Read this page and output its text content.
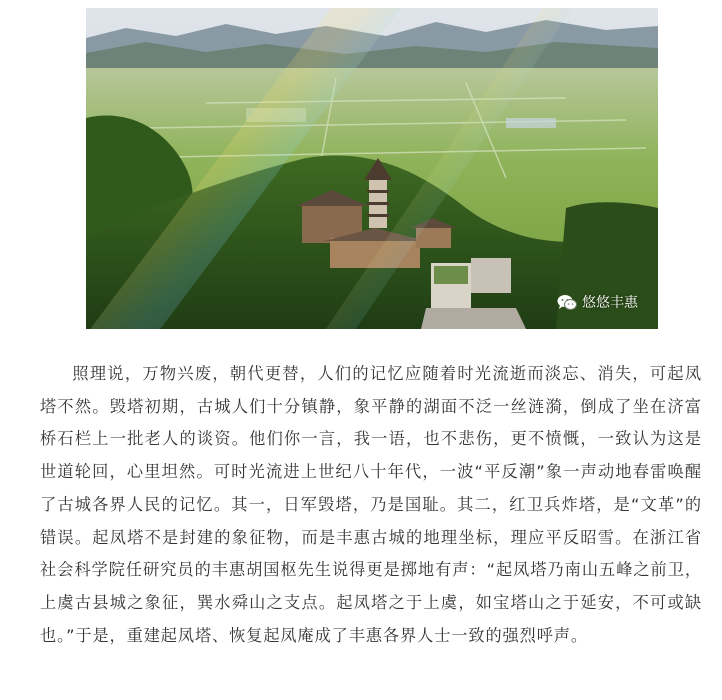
悠悠丰惠

照理说，万物兴废，朝代更替，人们的记忆应随着时光流逝而淡忘、消失，可起凤塔不然。毁塔初期，古城人们十分镇静，象平静的湖面不泛一丝涟漪，倒成了坐在济富桥石栏上一批老人的谈资。他们你一言，我一语，也不悲伤，更不愤慨，一致认为这是世道轮回，心里坦然。可时光流进上世纪八十年代，一波“平反潮”象一声动地春雷唤醒了古城各界人民的记忆。其一，日军毁塔，乃是国耻。其二，红卫兵炸塔，是“文革”的错误。起凤塔不是封建的象征物，而是丰惠古城的地理坐标，理应平反昭雪。在浙江省社会科学院任研究员的丰惠胡国枢先生说得更是掷地有声：“起凤塔乃南山五峰之前卫，上虞古县城之象征，巽水舜山之支点。起凤塔之于上虞，如宝塔山之于延安，不可或缺也。”于是，重建起凤塔、恢复起凤庵成了丰惠各界人士一致的强烈呼声。
